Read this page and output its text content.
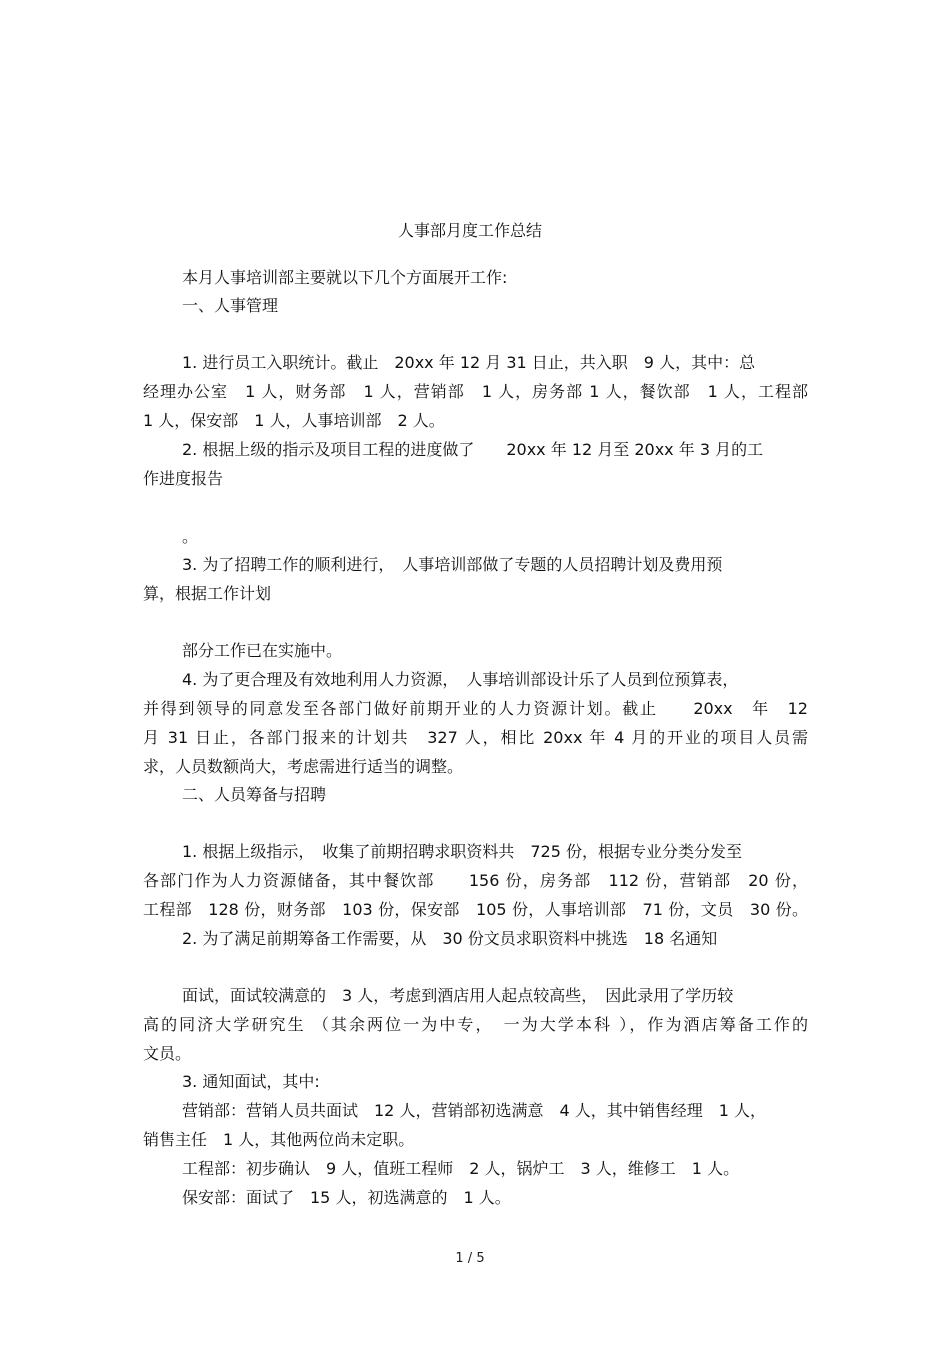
人事部月度工作总结
本月人事培训部主要就以下几个方面展开工作:
一、人事管理
1. 进行员工入职统计。截止　20xx 年 12 月 31 日止，共入职　9 人，其中：总
经理办公室　1 人，财务部　1 人，营销部　1 人，房务部 1 人，餐饮部　1 人，工程部
1 人，保安部　1 人，人事培训部　2 人。
2. 根据上级的指示及项目工程的进度做了　　20xx 年 12 月至 20xx 年 3 月的工
作进度报告
。
3. 为了招聘工作的顺利进行，　人事培训部做了专题的人员招聘计划及费用预
算，根据工作计划
部分工作已在实施中。
4. 为了更合理及有效地利用人力资源，　人事培训部设计乐了人员到位预算表，
并得到领导的同意发至各部门做好前期开业的人力资源计划。截止　　20xx　年　12
月 31 日止，各部门报来的计划共　327 人，相比 20xx 年 4 月的开业的项目人员需
求，人员数额尚大，考虑需进行适当的调整。
二、人员筹备与招聘
1. 根据上级指示，　收集了前期招聘求职资料共　725 份，根据专业分类分发至
各部门作为人力资源储备，其中餐饮部　　156 份，房务部　112 份，营销部　20 份，
工程部　128 份，财务部　103 份，保安部　105 份，人事培训部　71 份，文员　30 份。
2. 为了满足前期筹备工作需要，从　30 份文员求职资料中挑选　18 名通知
面试，面试较满意的　3 人，考虑到酒店用人起点较高些，　因此录用了学历较
高的同济大学研究生 （其余两位一为中专，　一为大学本科 ），作为酒店筹备工作的
文员。
3. 通知面试，其中:
营销部：营销人员共面试　12 人，营销部初选满意　4 人，其中销售经理　1 人，
销售主任　1 人，其他两位尚未定职。
工程部：初步确认　9 人，值班工程师　2 人，锅炉工　3 人，维修工　1 人。
保安部：面试了　15 人，初选满意的　1 人。
1 / 5
